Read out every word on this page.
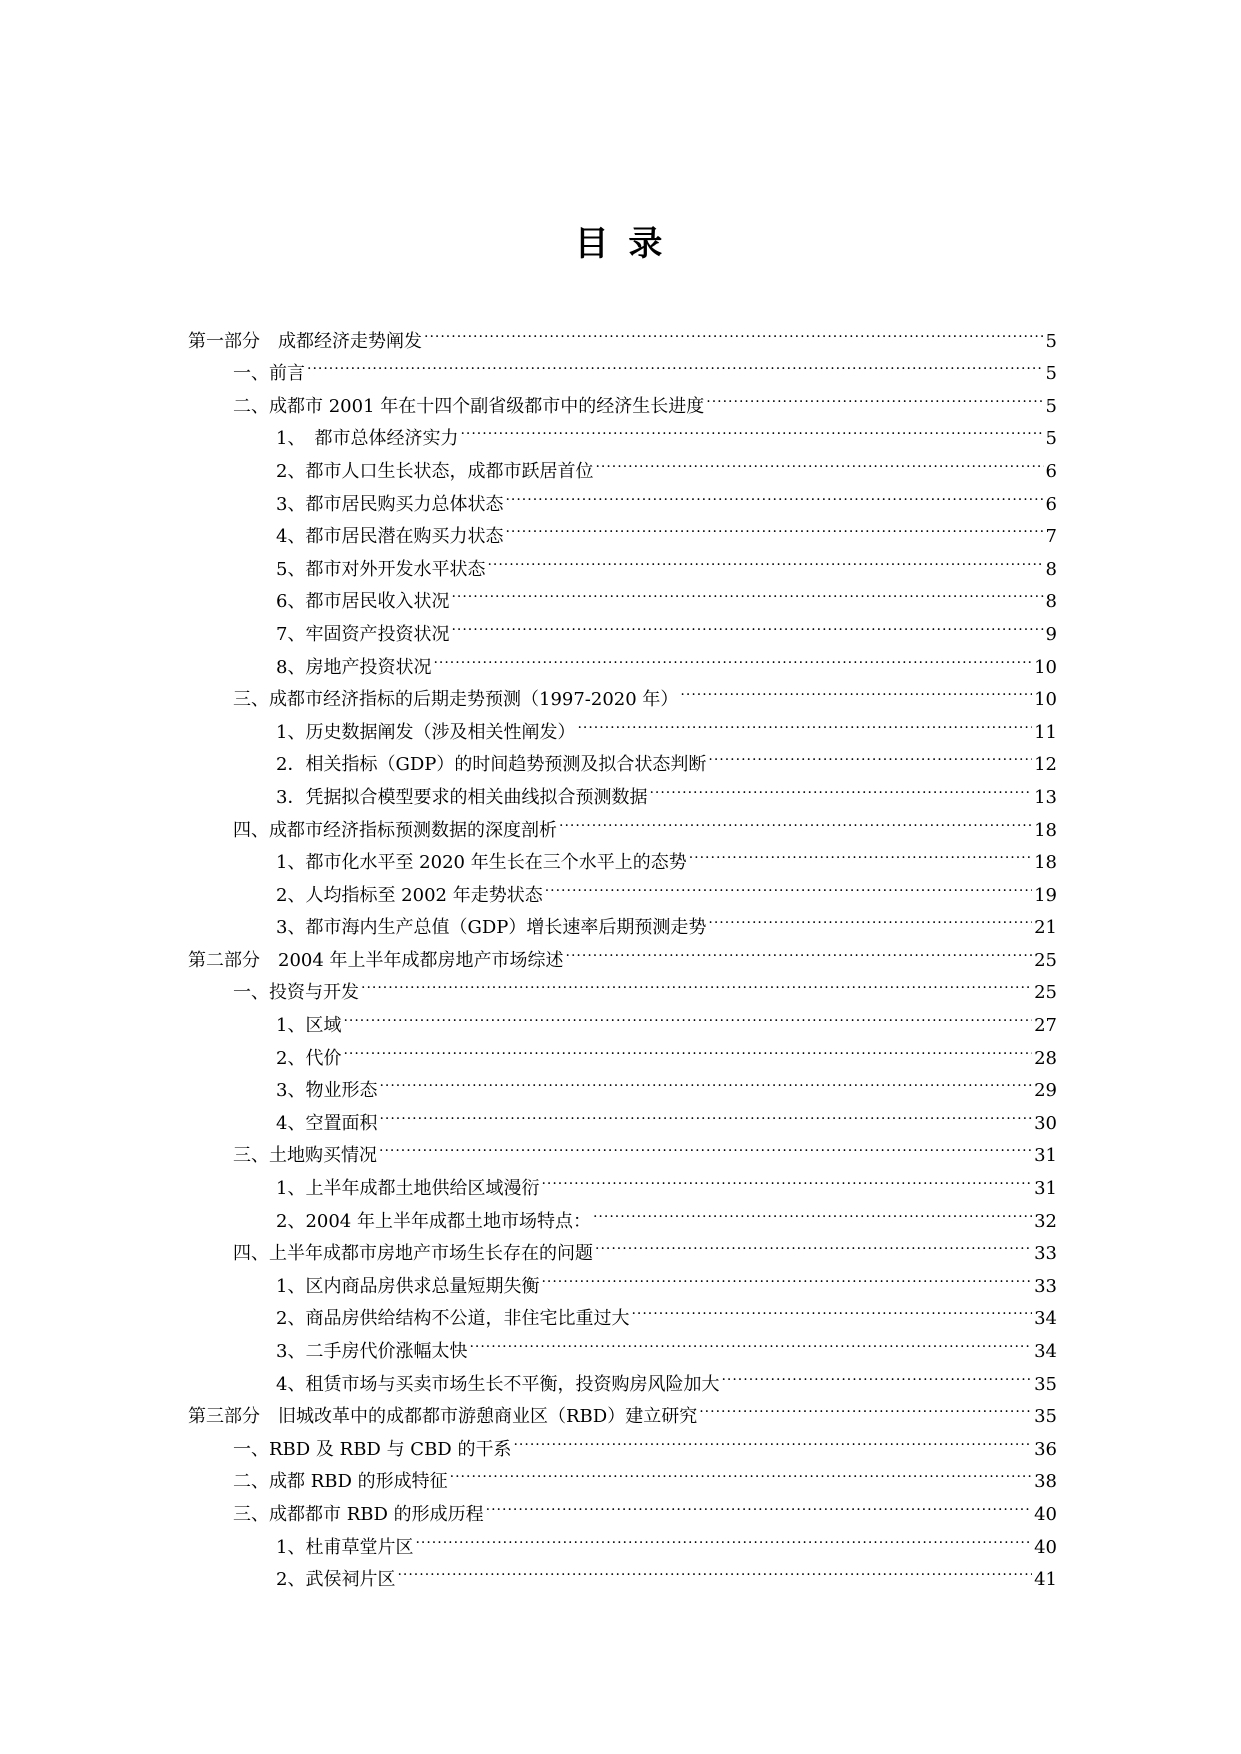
目 录
第一部分　成都经济走势阐发 .....	5
一、前言 .....	5
二、成都市 2001 年在十四个副省级都市中的经济生长进度 .....	5
1、　都市总体经济实力 .....	5
2、都市人口生长状态，成都市跃居首位 .....	6
3、都市居民购买力总体状态 .....	6
4、都市居民潜在购买力状态 .....	7
5、都市对外开发水平状态 .....	8
6、都市居民收入状况 .....	8
7、牢固资产投资状况 .....	9
8、房地产投资状况 .....	10
三、成都市经济指标的后期走势预测（1997-2020 年） .....	10
1、历史数据阐发（涉及相关性阐发） .....	11
2．相关指标（GDP）的时间趋势预测及拟合状态判断 .....	12
3．凭据拟合模型要求的相关曲线拟合预测数据 .....	13
四、成都市经济指标预测数据的深度剖析 .....	18
1、都市化水平至 2020 年生长在三个水平上的态势 .....	18
2、人均指标至 2002 年走势状态 .....	19
3、都市海内生产总值（GDP）增长速率后期预测走势 .....	21
第二部分　2004 年上半年成都房地产市场综述 .....	25
一、投资与开发 .....	25
1、区域 .....	27
2、代价 .....	28
3、物业形态 .....	29
4、空置面积 .....	30
三、土地购买情况 .....	31
1、上半年成都土地供给区域漫衍 .....	31
2、2004 年上半年成都土地市场特点： .....	32
四、上半年成都市房地产市场生长存在的问题 .....	33
1、区内商品房供求总量短期失衡 .....	33
2、商品房供给结构不公道，非住宅比重过大 .....	34
3、二手房代价涨幅太快 .....	34
4、租赁市场与买卖市场生长不平衡，投资购房风险加大 .....	35
第三部分　旧城改革中的成都都市游憩商业区（RBD）建立研究 .....	35
一、RBD 及 RBD 与 CBD 的干系 .....	36
二、成都 RBD 的形成特征 .....	38
三、成都都市 RBD 的形成历程 .....	40
1、杜甫草堂片区 .....	40
2、武侯祠片区 .....	41
